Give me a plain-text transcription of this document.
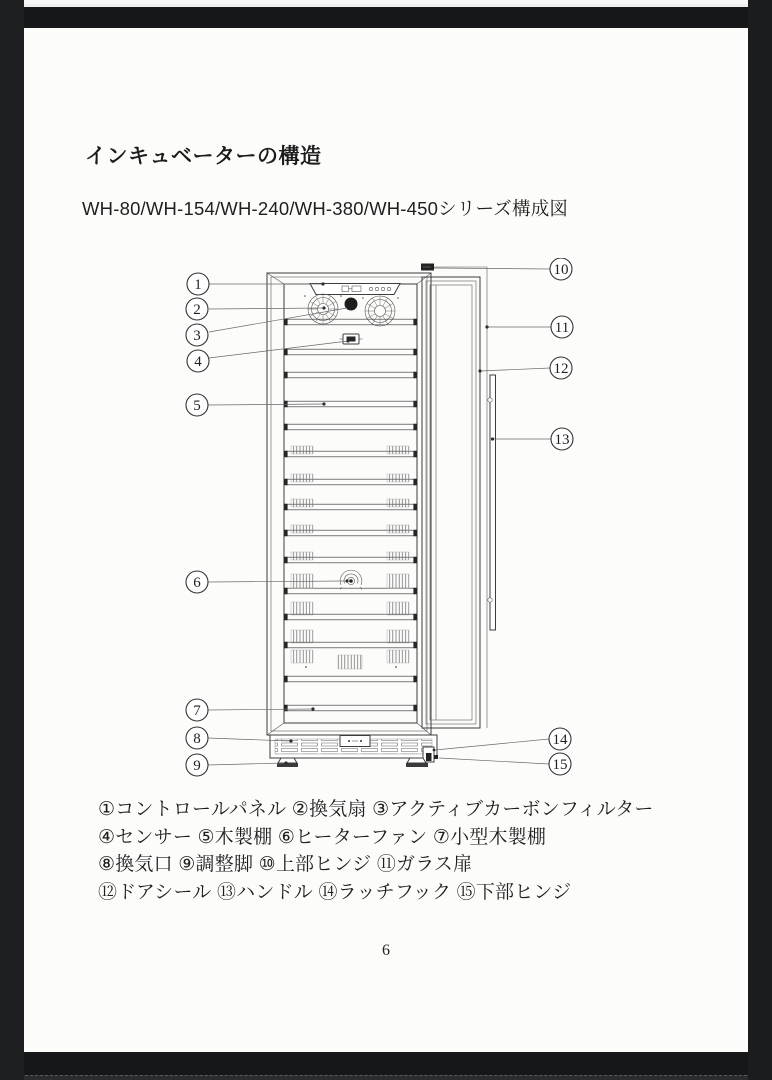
インキュベーターの構造
WH-80/WH-154/WH-240/WH-380/WH-450シリーズ構成図
1
2
3
4
5
6
7
8
9
10
11
12
13
14
15

①コントロールパネル ②換気扇 ③アクティブカーボンフィルター

④センサー ⑤木製棚 ⑥ヒーターファン ⑦小型木製棚

⑧換気口 ⑨調整脚 ⑩上部ヒンジ ⑪ガラス扉

⑫ドアシール ⑬ハンドル ⑭ラッチフック ⑮下部ヒンジ

6
